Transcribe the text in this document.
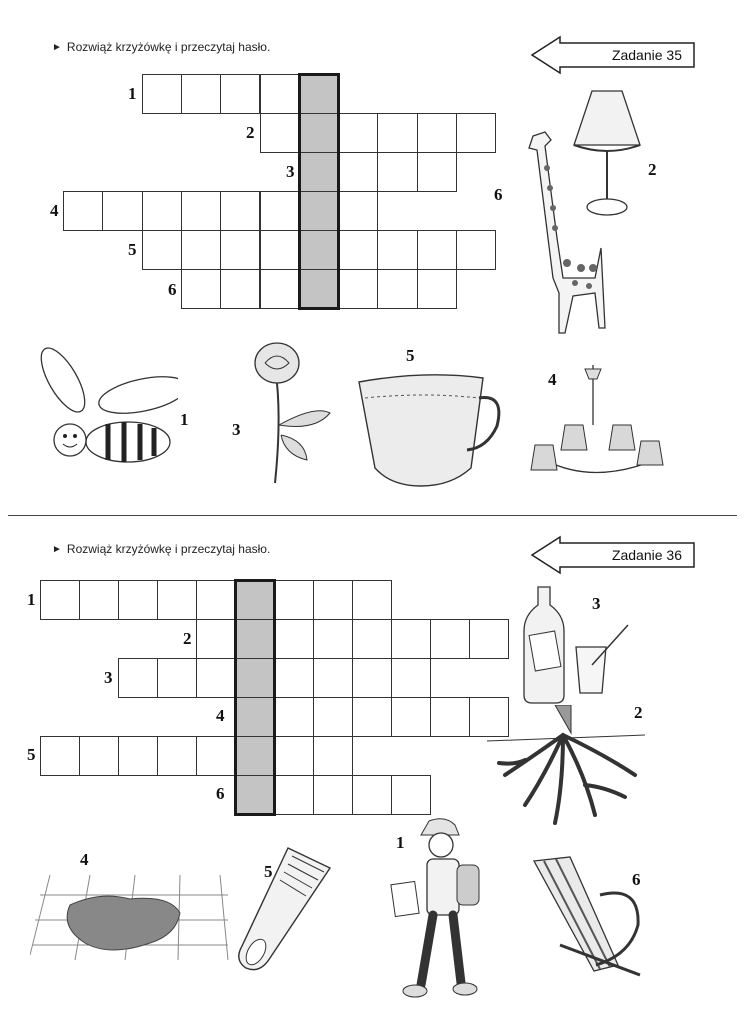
► Rozwiąż krzyżówkę i przeczytaj hasło.	Zadanie 35
1
2
3
4
5
6
6
2
1
3
5
4
► Rozwiąż krzyżówkę i przeczytaj hasło.	Zadanie 36
1
2
3
4
5
6
3
2
4
5
1
6
